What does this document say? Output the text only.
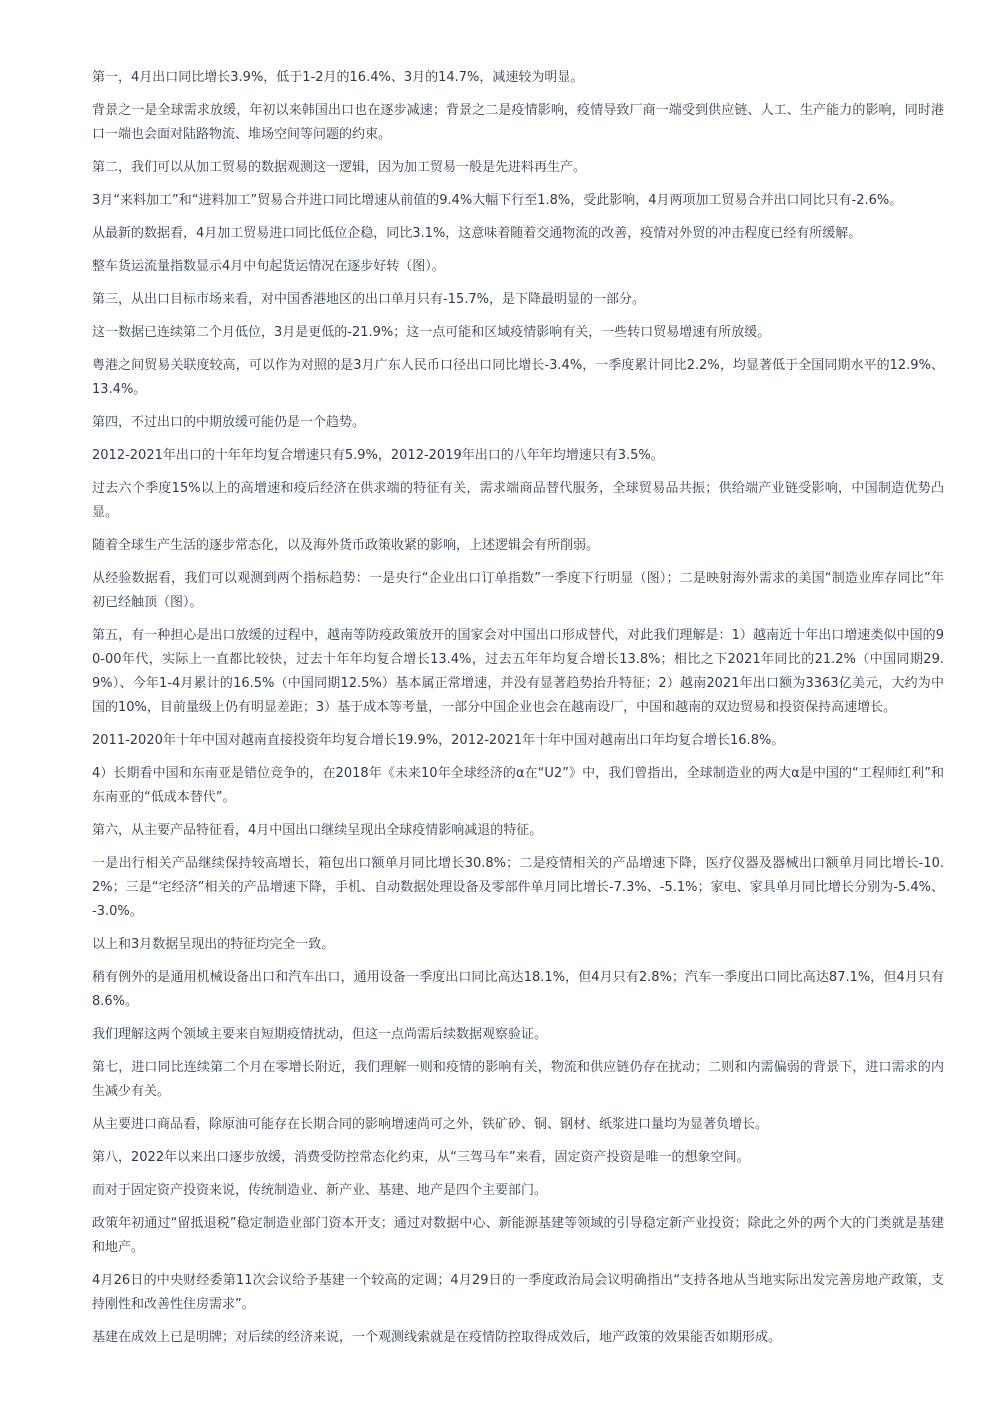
第一，4月出口同比增长3.9%，低于1-2月的16.4%、3月的14.7%，减速较为明显。

背景之一是全球需求放缓，年初以来韩国出口也在逐步减速；背景之二是疫情影响，疫情导致厂商一端受到供应链、人工、生产能力的影响，同时港口一端也会面对陆路物流、堆场空间等问题的约束。

第二，我们可以从加工贸易的数据观测这一逻辑，因为加工贸易一般是先进料再生产。

3月“来料加工”和“进料加工”贸易合并进口同比增速从前值的9.4%大幅下行至1.8%，受此影响，4月两项加工贸易合并出口同比只有-2.6%。

从最新的数据看，4月加工贸易进口同比低位企稳，同比3.1%，这意味着随着交通物流的改善，疫情对外贸的冲击程度已经有所缓解。

整车货运流量指数显示4月中旬起货运情况在逐步好转（图）。

第三，从出口目标市场来看，对中国香港地区的出口单月只有-15.7%，是下降最明显的一部分。

这一数据已连续第二个月低位，3月是更低的-21.9%；这一点可能和区域疫情影响有关，一些转口贸易增速有所放缓。

粤港之间贸易关联度较高，可以作为对照的是3月广东人民币口径出口同比增长-3.4%，一季度累计同比2.2%，均显著低于全国同期水平的12.9%、13.4%。

第四，不过出口的中期放缓可能仍是一个趋势。

2012-2021年出口的十年年均复合增速只有5.9%，2012-2019年出口的八年年均增速只有3.5%。

过去六个季度15%以上的高增速和疫后经济在供求端的特征有关，需求端商品替代服务，全球贸易品共振；供给端产业链受影响，中国制造优势凸显。

随着全球生产生活的逐步常态化，以及海外货币政策收紧的影响，上述逻辑会有所削弱。

从经验数据看，我们可以观测到两个指标趋势：一是央行“企业出口订单指数”一季度下行明显（图）；二是映射海外需求的美国“制造业库存同比”年初已经触顶（图）。

第五，有一种担心是出口放缓的过程中，越南等防疫政策放开的国家会对中国出口形成替代，对此我们理解是：1）越南近十年出口增速类似中国的90-00年代，实际上一直都比较快，过去十年年均复合增长13.4%，过去五年年均复合增长13.8%；相比之下2021年同比的21.2%（中国同期29.9%）、今年1-4月累计的16.5%（中国同期12.5%）基本属正常增速，并没有显著趋势抬升特征；2）越南2021年出口额为3363亿美元，大约为中国的10%，目前量级上仍有明显差距；3）基于成本等考量，一部分中国企业也会在越南设厂，中国和越南的双边贸易和投资保持高速增长。

2011-2020年十年中国对越南直接投资年均复合增长19.9%，2012-2021年十年中国对越南出口年均复合增长16.8%。

4）长期看中国和东南亚是错位竞争的，在2018年《未来10年全球经济的α在“U2”》中，我们曾指出，全球制造业的两大α是中国的“工程师红利”和东南亚的“低成本替代”。

第六，从主要产品特征看，4月中国出口继续呈现出全球疫情影响减退的特征。

一是出行相关产品继续保持较高增长，箱包出口额单月同比增长30.8%；二是疫情相关的产品增速下降，医疗仪器及器械出口额单月同比增长-10.2%；三是“宅经济”相关的产品增速下降，手机、自动数据处理设备及零部件单月同比增长-7.3%、-5.1%；家电、家具单月同比增长分别为-5.4%、-3.0%。

以上和3月数据呈现出的特征均完全一致。

稍有例外的是通用机械设备出口和汽车出口，通用设备一季度出口同比高达18.1%，但4月只有2.8%；汽车一季度出口同比高达87.1%，但4月只有8.6%。

我们理解这两个领域主要来自短期疫情扰动，但这一点尚需后续数据观察验证。

第七，进口同比连续第二个月在零增长附近，我们理解一则和疫情的影响有关，物流和供应链仍存在扰动；二则和内需偏弱的背景下，进口需求的内生减少有关。

从主要进口商品看，除原油可能存在长期合同的影响增速尚可之外，铁矿砂、铜、钢材、纸浆进口量均为显著负增长。

第八，2022年以来出口逐步放缓，消费受防控常态化约束，从“三驾马车”来看，固定资产投资是唯一的想象空间。

而对于固定资产投资来说，传统制造业、新产业、基建、地产是四个主要部门。

政策年初通过“留抵退税”稳定制造业部门资本开支；通过对数据中心、新能源基建等领域的引导稳定新产业投资；除此之外的两个大的门类就是基建和地产。

4月26日的中央财经委第11次会议给予基建一个较高的定调；4月29日的一季度政治局会议明确指出“支持各地从当地实际出发完善房地产政策，支持刚性和改善性住房需求”。

基建在成效上已是明牌；对后续的经济来说，一个观测线索就是在疫情防控取得成效后，地产政策的效果能否如期形成。
